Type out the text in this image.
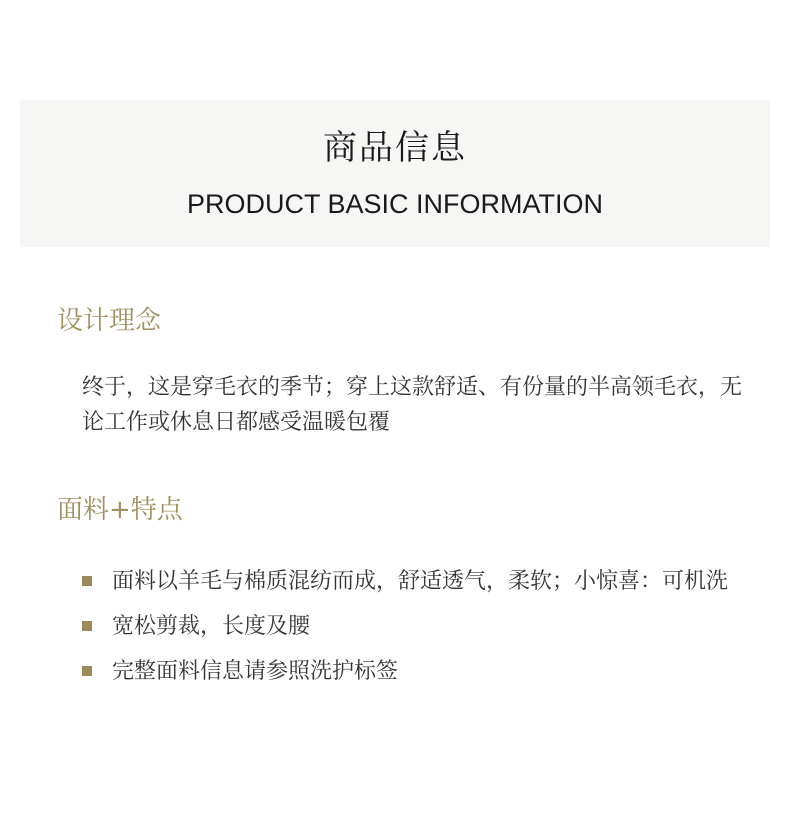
商品信息
PRODUCT BASIC INFORMATION
设计理念
终于，这是穿毛衣的季节；穿上这款舒适、有份量的半高领毛衣，无论工作或休息日都感受温暖包覆
面料+特点
面料以羊毛与棉质混纺而成，舒适透气，柔软；小惊喜：可机洗
宽松剪裁，长度及腰
完整面料信息请参照洗护标签
